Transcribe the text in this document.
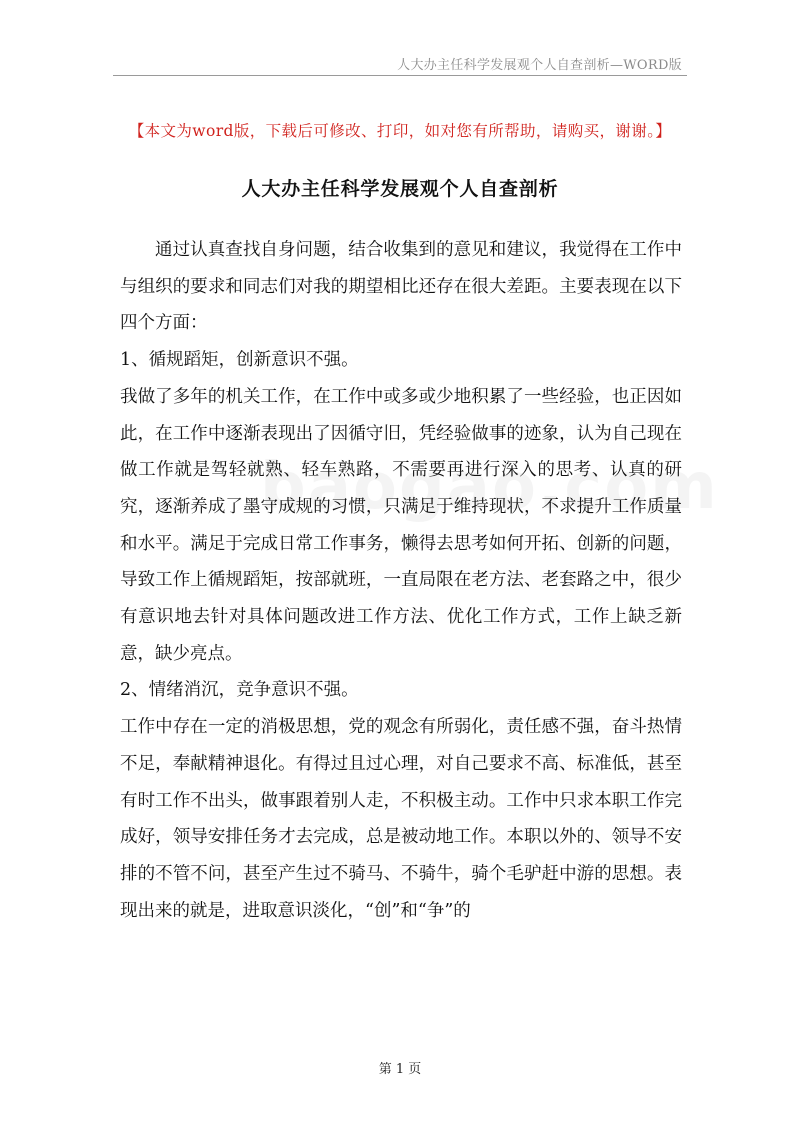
人大办主任科学发展观个人自查剖析—WORD版
【本文为word版，下载后可修改、打印，如对您有所帮助，请购买，谢谢。】
人大办主任科学发展观个人自查剖析

通过认真查找自身问题，结合收集到的意见和建议，我觉得在工作中与组织的要求和同志们对我的期望相比还存在很大差距。主要表现在以下四个方面：

1、循规蹈矩，创新意识不强。

我做了多年的机关工作，在工作中或多或少地积累了一些经验，也正因如此，在工作中逐渐表现出了因循守旧，凭经验做事的迹象，认为自己现在做工作就是驾轻就熟、轻车熟路，不需要再进行深入的思考、认真的研究，逐渐养成了墨守成规的习惯，只满足于维持现状，不求提升工作质量和水平。满足于完成日常工作事务，懒得去思考如何开拓、创新的问题，导致工作上循规蹈矩，按部就班，一直局限在老方法、老套路之中，很少有意识地去针对具体问题改进工作方法、优化工作方式，工作上缺乏新意，缺少亮点。

2、情绪消沉，竞争意识不强。

工作中存在一定的消极思想，党的观念有所弱化，责任感不强，奋斗热情不足，奉献精神退化。有得过且过心理，对自己要求不高、标准低，甚至有时工作不出头，做事跟着别人走，不积极主动。工作中只求本职工作完成好，领导安排任务才去完成，总是被动地工作。本职以外的、领导不安排的不管不问，甚至产生过不骑马、不骑牛，骑个毛驴赶中游的思想。表现出来的就是，进取意识淡化，“创”和“争”的

第 1 页
